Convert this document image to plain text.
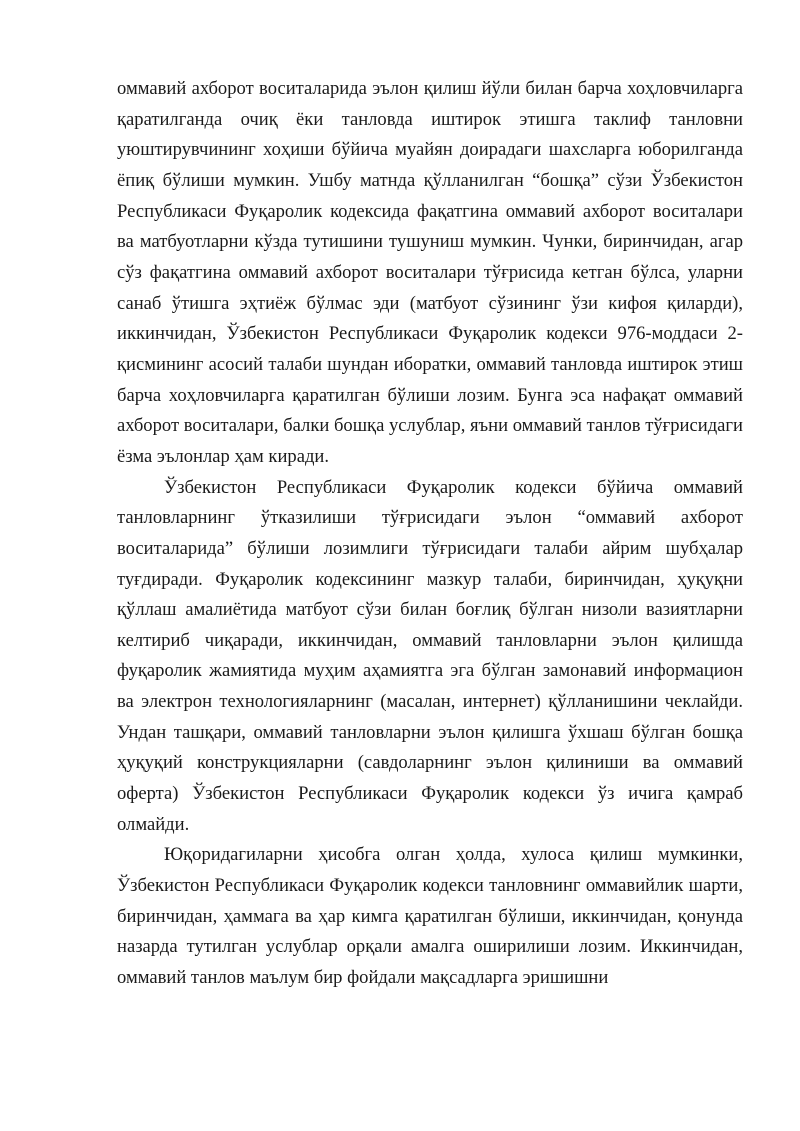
оммавий ахборот воситаларида эълон қилиш йўли билан барча хоҳловчиларга қаратилганда очиқ ёки танловда иштирок этишга таклиф танловни уюштирувчининг хоҳиши бўйича муайян доирадаги шахсларга юборилганда ёпиқ бўлиши мумкин. Ушбу матнда қўлланилган “бошқа” сўзи Ўзбекистон Республикаси Фуқаролик кодексида фақатгина оммавий ахборот воситалари ва матбуотларни кўзда тутишини тушуниш мумкин. Чунки, биринчидан, агар сўз фақатгина оммавий ахборот воситалари тўғрисида кетган бўлса, уларни санаб ўтишга эҳтиёж бўлмас эди (матбуот сўзининг ўзи кифоя қиларди), иккинчидан, Ўзбекистон Республикаси Фуқаролик кодекси 976-моддаси 2-қисмининг асосий талаби шундан иборатки, оммавий танловда иштирок этиш барча хоҳловчиларга қаратилган бўлиши лозим. Бунга эса нафақат оммавий ахборот воситалари, балки бошқа услублар, яъни оммавий танлов тўғрисидаги ёзма эълонлар ҳам киради.

Ўзбекистон Республикаси Фуқаролик кодекси бўйича оммавий танловларнинг ўтказилиши тўғрисидаги эълон “оммавий ахборот воситаларида” бўлиши лозимлиги тўғрисидаги талаби айрим шубҳалар туғдиради. Фуқаролик кодексининг мазкур талаби, биринчидан, ҳуқуқни қўллаш амалиётида матбуот сўзи билан боғлиқ бўлган низоли вазиятларни келтириб чиқаради, иккинчидан, оммавий танловларни эълон қилишда фуқаролик жамиятида муҳим аҳамиятга эга бўлган замонавий информацион ва электрон технологияларнинг (масалан, интернет) қўлланишини чеклайди. Ундан ташқари, оммавий танловларни эълон қилишга ўхшаш бўлган бошқа ҳуқуқий конструкцияларни (савдоларнинг эълон қилиниши ва оммавий оферта) Ўзбекистон Республикаси Фуқаролик кодекси ўз ичига қамраб олмайди.

Юқоридагиларни ҳисобга олган ҳолда, хулоса қилиш мумкинки, Ўзбекистон Республикаси Фуқаролик кодекси танловнинг оммавийлик шарти, биринчидан, ҳаммага ва ҳар кимга қаратилган бўлиши, иккинчидан, қонунда назарда тутилган услублар орқали амалга оширилиши лозим. Иккинчидан, оммавий танлов маълум бир фойдали мақсадларга эришишни
